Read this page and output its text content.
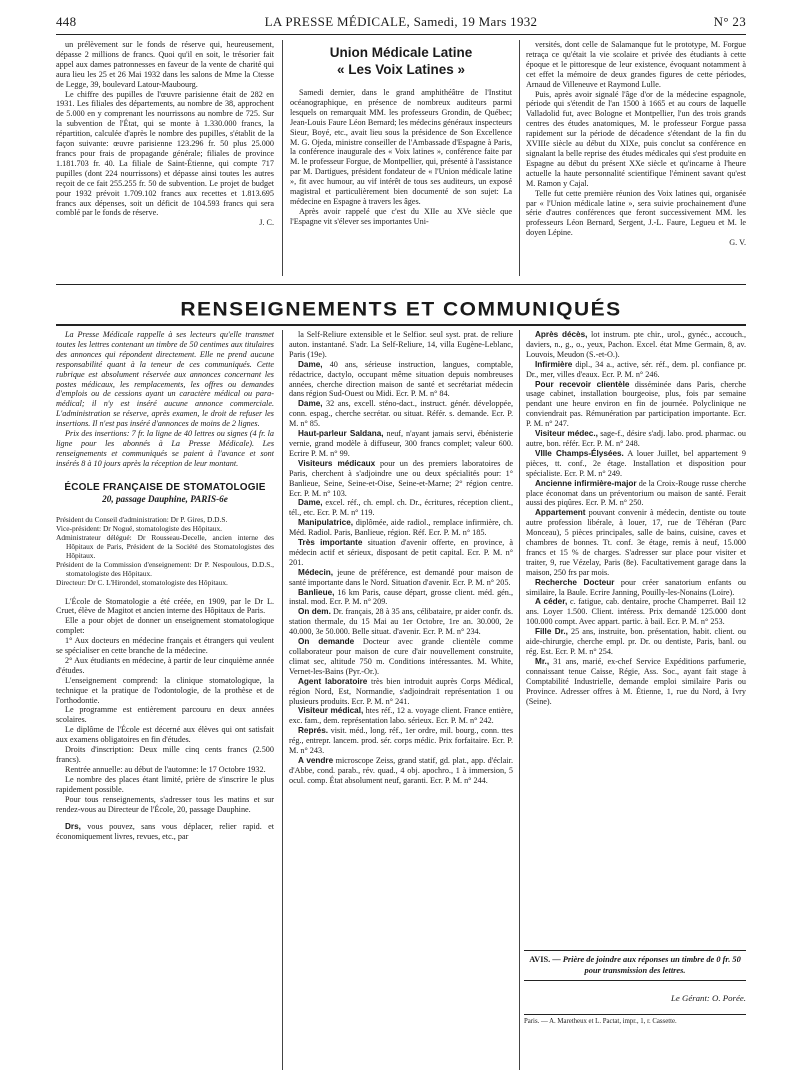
448	LA PRESSE MÉDICALE, Samedi, 19 Mars 1932	N° 23

un prélèvement sur le fonds de réserve qui, heureusement, dépasse 2 millions de francs. Quoi qu'il en soit, le trésorier fait appel aux dames patronnesses en faveur de la vente de charité qui aura lieu les 25 et 26 Mai 1932 dans les salons de Mme la Ctesse de Legge, 39, boulevard Latour-Maubourg.

Le chiffre des pupilles de l'œuvre parisienne était de 282 en 1931. Les filiales des départements, au nombre de 38, approchent de 5.000 en y comprenant les nourrissons au nombre de 725. Sur la subvention de l'État, qui se monte à 1.330.000 francs, la répartition, calculée d'après le nombre des pupilles, s'établit de la façon suivante: œuvre parisienne 123.296 fr. 50 plus 25.000 francs pour frais de propagande générale; filiales de province 1.181.703 fr. 40. La filiale de Saint-Étienne, qui compte 717 pupilles (dont 224 nourrissons) et dépasse ainsi toutes les autres reçoit de ce fait 255.255 fr. 50 de subvention. Le projet de budget pour 1932 prévoit 1.709.102 francs aux recettes et 1.813.695 francs aux dépenses, soit un déficit de 104.593 francs qui sera comblé par le fonds de réserve.

J. C.
Union Médicale Latine
« Les Voix Latines »

Samedi dernier, dans le grand amphithéâtre de l'Institut océanographique, en présence de nombreux auditeurs parmi lesquels on remarquait MM. les professeurs Grondin, de Québec; Jean-Louis Faure Léon Bernard; les médecins généraux inspecteurs Sieur, Boyé, etc., avait lieu sous la présidence de Son Excellence M. G. Ojeda, ministre conseiller de l'Ambassade d'Espagne à Paris, la conférence inaugurale des « Voix latines », conférence faite par M. le professeur Forgue, de Montpellier, qui, présenté à l'assistance par M. Dartigues, président fondateur de « l'Union médicale latine », fit avec humour, au vif intérêt de tous ses auditeurs, un exposé magistral et particulièrement bien documenté de son sujet: La médecine en Espagne à travers les âges.

Après avoir rappelé que c'est du XIIe au XVe siècle que l'Espagne vit s'élever ses importantes Uni-

versités, dont celle de Salamanque fut le prototype, M. Forgue retraça ce qu'était la vie scolaire et privée des étudiants à cette époque et le pittoresque de leur existence, évoquant notamment à cet effet la mémoire de deux grandes figures de cette périodes, Arnaud de Villeneuve et Raymond Lulle.

Puis, après avoir signalé l'âge d'or de la médecine espagnole, période qui s'étendit de l'an 1500 à 1665 et au cours de laquelle Valladolid fut, avec Bologne et Montpellier, l'un des trois grands centres des études anatomiques, M. le professeur Forgue passa rapidement sur la période de décadence s'étendant de la fin du XVIIIe siècle au début du XIXe, puis conclut sa conférence en signalant la belle reprise des études médicales qui s'est produite en Espagne au début du présent XXe siècle et qu'incarne à l'heure actuelle la haute personnalité scientifique l'éminent savant qu'est M. Ramon y Cajal.

Telle fut cette première réunion des Voix latines qui, organisée par « l'Union médicale latine », sera suivie prochainement d'une série d'autres conférences que feront successivement MM. les professeurs Léon Bernard, Sergent, J.-L. Faure, Legueu et M. le doyen Lépine.

G. V.
RENSEIGNEMENTS ET COMMUNIQUÉS

La Presse Médicale rappelle à ses lecteurs qu'elle transmet toutes les lettres contenant un timbre de 50 centimes aux titulaires des annonces qui répondent directement. Elle ne prend aucune responsabilité quant à la teneur de ces communiqués. Cette rubrique est absolument réservée aux annonces concernant les postes médicaux, les remplacements, les offres ou demandes d'emplois ou de cessions ayant un caractère médical ou para-médical; il n'y est inséré aucune annonce commerciale. L'administration se réserve, après examen, le droit de refuser les insertions. Il n'est pas inséré d'annonces de moins de 2 lignes.

Prix des insertions: 7 fr. la ligne de 40 lettres ou signes (4 fr. la ligne pour les abonnés à La Presse Médicale). Les renseignements et communiqués se paient à l'avance et sont insérés 8 à 10 jours après la réception de leur montant.

ÉCOLE FRANÇAISE DE STOMATOLOGIE
20, passage Dauphine, PARIS-6e
Président du Conseil d'administration: Dr P. Gires, D.D.S.
Vice-président: Dr Nogué, stomatologiste des Hôpitaux.
Administrateur délégué: Dr Rousseau-Decelle, ancien interne des Hôpitaux de Paris, Président de la Société des Stomatologistes des Hôpitaux.
Président de la Commission d'enseignement: Dr P. Nespoulous, D.D.S., stomatologiste des Hôpitaux.
Directeur: Dr C. L'Hirondel, stomatologiste des Hôpitaux.

L'École de Stomatologie a été créée, en 1909, par le Dr L. Cruet, élève de Magitot et ancien interne des Hôpitaux de Paris.

Elle a pour objet de donner un enseignement stomatologique complet:

1° Aux docteurs en médecine français et étrangers qui veulent se spécialiser en cette branche de la médecine.

2° Aux étudiants en médecine, à partir de leur cinquième année d'études.

L'enseignement comprend: la clinique stomatologique, la technique et la pratique de l'odontologie, de la prothèse et de l'orthodontie.

Le programme est entièrement parcouru en deux années scolaires.

Le diplôme de l'École est décerné aux élèves qui ont satisfait aux examens obligatoires en fin d'études.

Droits d'inscription: Deux mille cinq cents francs (2.500 francs).

Rentrée annuelle: au début de l'automne: le 17 Octobre 1932.

Le nombre des places étant limité, prière de s'inscrire le plus rapidement possible.

Pour tous renseignements, s'adresser tous les matins et sur rendez-vous au Directeur de l'École, 20, passage Dauphine.

Drs, vous pouvez, sans vous déplacer, relier rapid. et économiquement livres, revues, etc., par

la Self-Reliure extensible et le Selfior. seul syst. prat. de reliure auton. instantané. S'adr. La Self-Reliure, 14, villa Eugène-Leblanc, Paris (19e).

Dame, 40 ans, sérieuse instruction, langues, comptable, rédactrice, dactylo, occupant même situation depuis nombreuses années, cherche direction maison de santé et secrétariat médecin dans région Sud-Ouest ou Midi. Ecr. P. M. n° 84.

Dame, 32 ans, excell. sténo-dact., instruct. génér. développée, conn. espag., cherche secrétar. ou situat. Référ. s. demande. Ecr. P. M. n° 85.

Haut-parleur Saldana, neuf, n'ayant jamais servi, ébénisterie vernie, grand modèle à diffuseur, 300 francs complet; valeur 600. Ecrire P. M. n° 99.

Visiteurs médicaux pour un des premiers laboratoires de Paris, cherchent à s'adjoindre une ou deux spécialités pour: 1° Banlieue, Seine, Seine-et-Oise, Seine-et-Marne; 2° région centre. Ecr. P. M. n° 103.

Dame, excel. réf., ch. empl. ch. Dr., écritures, réception client., tél., etc. Ecr. P. M. n° 119.

Manipulatrice, diplômée, aide radiol., remplace infirmière, ch. Méd. Radiol. Paris, Banlieue, région. Réf. Ecr. P. M. n° 185.

Très importante situation d'avenir offerte, en province, à médecin actif et sérieux, disposant de petit capital. Ecr. P. M. n° 201.

Médecin, jeune de préférence, est demandé pour maison de santé importante dans le Nord. Situation d'avenir. Ecr. P. M. n° 205.

Banlieue, 16 km Paris, cause départ, grosse client. méd. gén., instal. mod. Ecr. P. M. n° 209.

On dem. Dr. français, 28 à 35 ans, célibataire, pr aider confr. ds. station thermale, du 15 Mai au 1er Octobre, 1re an. 30.000, 2e 40.000, 3e 50.000. Belle situat. d'avenir. Ecr. P. M. n° 234.

On demande Docteur avec grande clientèle comme collaborateur pour maison de cure d'air nouvellement construite, climat sec, altitude 750 m. Conditions intéressantes. M. White, Vernet-les-Bains (Pyr.-Or.).

Agent laboratoire très bien introduit auprès Corps Médical, région Nord, Est, Normandie, s'adjoindrait représentation 1 ou plusieurs produits. Ecr. P. M. n° 241.

Visiteur médical, htes réf., 12 a. voyage client. France entière, exc. fam., dem. représentation labo. sérieux. Ecr. P. M. n° 242.

Représ. visit. méd., long. réf., 1er ordre, mil. bourg., conn. ttes rég., entrepr. lancem. prod. sér. corps médic. Prix forfaitaire. Ecr. P. M. n° 243.

A vendre microscope Zeiss, grand statif, gd. plat., app. d'éclair. d'Abbe, cond. parab., rév. quad., 4 obj. apochro., 1 à immersion, 5 ocul. comp. État absolument neuf, garanti. Ecr. P. M. n° 244.

Après décès, lot instrum. pte chir., urol., gynéc., accouch., daviers, n., g., o., yeux, Pachon. Excel. état Mme Germain, 8, av. Louvois, Meudon (S.-et-O.).

Infirmière dipl., 34 a., active, sér. réf., dem. pl. confiance pr. Dr., mer, villes d'eaux. Ecr. P. M. n° 246.

Pour recevoir clientèle disséminée dans Paris, cherche usage cabinet, installation bourgeoise, plus, fois par semaine pendant une heure environ en fin de journée. Polyclinique ne conviendrait pas. Rémunération par participation importante. Ecr. P. M. n° 247.

Visiteur médec., sage-f., désire s'adj. labo. prod. pharmac. ou autre, bon. référ. Ecr. P. M. n° 248.

VIIIe Champs-Élysées. A louer Juillet, bel appartement 9 pièces, tt. conf., 2e étage. Installation et disposition pour spécialiste. Ecr. P. M. n° 249.

Ancienne infirmière-major de la Croix-Rouge russe cherche place économat dans un préventorium ou maison de santé. Ferait aussi des piqûres. Ecr. P. M. n° 250.

Appartement pouvant convenir à médecin, dentiste ou toute autre profession libérale, à louer, 17, rue de Téhéran (Parc Monceau), 5 pièces principales, salle de bains, cuisine, caves et chambres de bonnes. Tt. conf. 3e étage, remis à neuf, 15.000 francs et 15 % de charges. S'adresser sur place pour visiter et traiter, 9, rue Vézelay, Paris (8e). Facultativement garage dans la maison, 250 frs par mois.

Recherche Docteur pour créer sanatorium enfants ou similaire, la Baule. Ecrire Janning, Pouilly-les-Nonains (Loire).

A céder, c. fatigue, cab. dentaire, proche Champerret. Bail 12 ans. Loyer 1.500. Client. intéress. Prix demandé 125.000 dont 100.000 compt. Avec appart. partic. à bail. Ecr. P. M. n° 253.

Fille Dr., 25 ans, instruite, bon. présentation, habit. client. ou aide-chirurgie, cherche empl. pr. Dr. ou dentiste, Paris, banl. ou rég. Est. Ecr. P. M. n° 254.

Mr., 31 ans, marié, ex-chef Service Expéditions parfumerie, connaissant tenue Caisse, Régie, Ass. Soc., ayant fait stage à Comptabilité Industrielle, demande emploi similaire Paris ou Province. Adresser offres à M. Étienne, 1, rue du Nord, à Ivry (Seine).

AVIS. — Prière de joindre aux réponses un timbre de 0 fr. 50 pour transmission des lettres.
Le Gérant: O. Porée.
Paris. — A. Maretheux et L. Pactat, impr., 1, r. Cassette.
